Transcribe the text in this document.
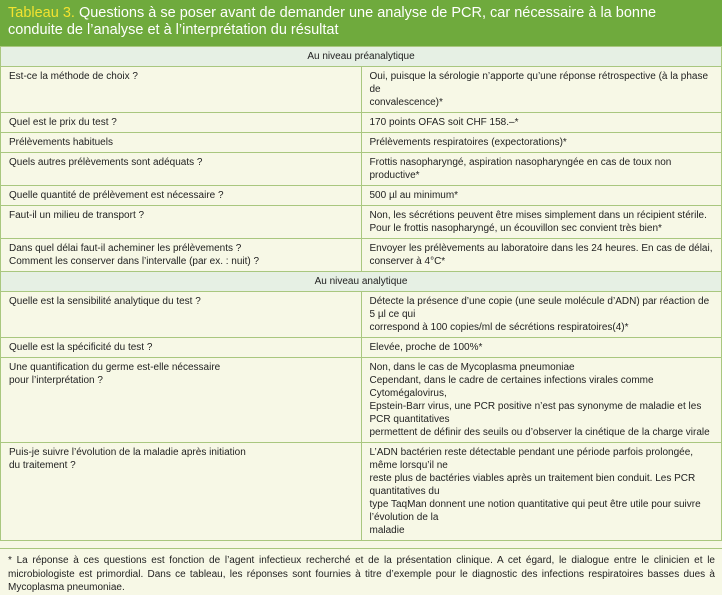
Tableau 3. Questions à se poser avant de demander une analyse de PCR, car nécessaire à la bonne conduite de l’analyse et à l’interprétation du résultat
Au niveau préanalytique	
Est-ce la méthode de choix ?	Oui, puisque la sérologie n’apporte qu’une réponse rétrospective (à la phase de
convalescence)*
Quel est le prix du test ?	170 points OFAS soit CHF 158.–*
Prélèvements habituels	Prélèvements respiratoires (expectorations)*
Quels autres prélèvements sont adéquats ?	Frottis nasopharyngé, aspiration nasopharyngée en cas de toux non productive*
Quelle quantité de prélèvement est nécessaire ?	500 µl au minimum*
Faut-il un milieu de transport ?	Non, les sécrétions peuvent être mises simplement dans un récipient stérile. Pour le frottis nasopharyngé, un écouvillon sec convient très bien*
Dans quel délai faut-il acheminer les prélèvements ?
Comment les conserver dans l’intervalle (par ex. : nuit) ?	Envoyer les prélèvements au laboratoire dans les 24 heures. En cas de délai,
conserver à 4°C*
Au niveau analytique	
Quelle est la sensibilité analytique du test ?	Détecte la présence d’une copie (une seule molécule d’ADN) par réaction de 5 µl ce qui
correspond à 100 copies/ml de sécrétions respiratoires(4)*
Quelle est la spécificité du test ?	Elevée, proche de 100%*
Une quantification du germe est-elle nécessaire
pour l’interprétation ?	Non, dans le cas de Mycoplasma pneumoniae
Cependant, dans le cadre de certaines infections virales comme Cytomégalovirus,
Epstein-Barr virus, une PCR positive n’est pas synonyme de maladie et les PCR quantitatives
permettent de définir des seuils ou d’observer la cinétique de la charge virale
Puis-je suivre l’évolution de la maladie après initiation
du traitement ?	L’ADN bactérien reste détectable pendant une période parfois prolongée, même lorsqu’il ne
reste plus de bactéries viables après un traitement bien conduit. Les PCR quantitatives du
type TaqMan donnent une notion quantitative qui peut être utile pour suivre l’évolution de la
maladie
* La réponse à ces questions est fonction de l’agent infectieux recherché et de la présentation clinique. A cet égard, le dialogue entre le clinicien et le microbiologiste est primordial. Dans ce tableau, les réponses sont fournies à titre d’exemple pour le diagnostic des infections respiratoires basses dues à Mycoplasma pneumoniae.
